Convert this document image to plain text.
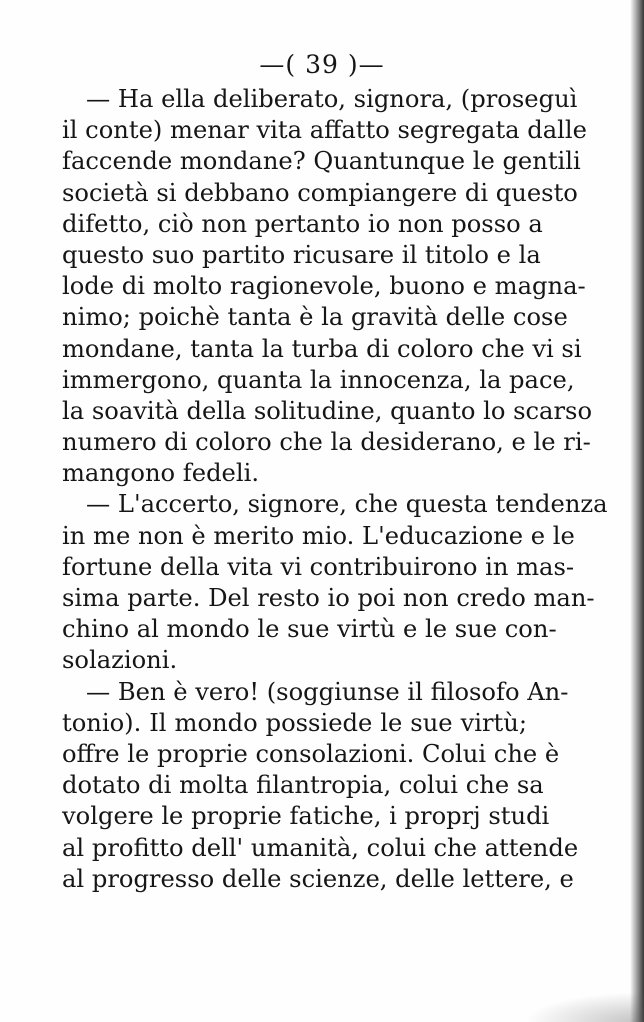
—( 39 )—
— Ha ella deliberato, signora, (proseguì
il conte) menar vita affatto segregata dalle
faccende mondane? Quantunque le gentili
società si debbano compiangere di questo
difetto, ciò non pertanto io non posso a
questo suo partito ricusare il titolo e la
lode di molto ragionevole, buono e magna-
nimo; poichè tanta è la gravità delle cose
mondane, tanta la turba di coloro che vi si
immergono, quanta la innocenza, la pace,
la soavità della solitudine, quanto lo scarso
numero di coloro che la desiderano, e le ri-
mangono fedeli.
— L'accerto, signore, che questa tendenza
in me non è merito mio. L'educazione e le
fortune della vita vi contribuirono in mas-
sima parte. Del resto io poi non credo man-
chino al mondo le sue virtù e le sue con-
solazioni.
— Ben è vero! (soggiunse il filosofo An-
tonio). Il mondo possiede le sue virtù;
offre le proprie consolazioni. Colui che è
dotato di molta filantropia, colui che sa
volgere le proprie fatiche, i proprj studi
al profitto dell' umanità, colui che attende
al progresso delle scienze, delle lettere, e
